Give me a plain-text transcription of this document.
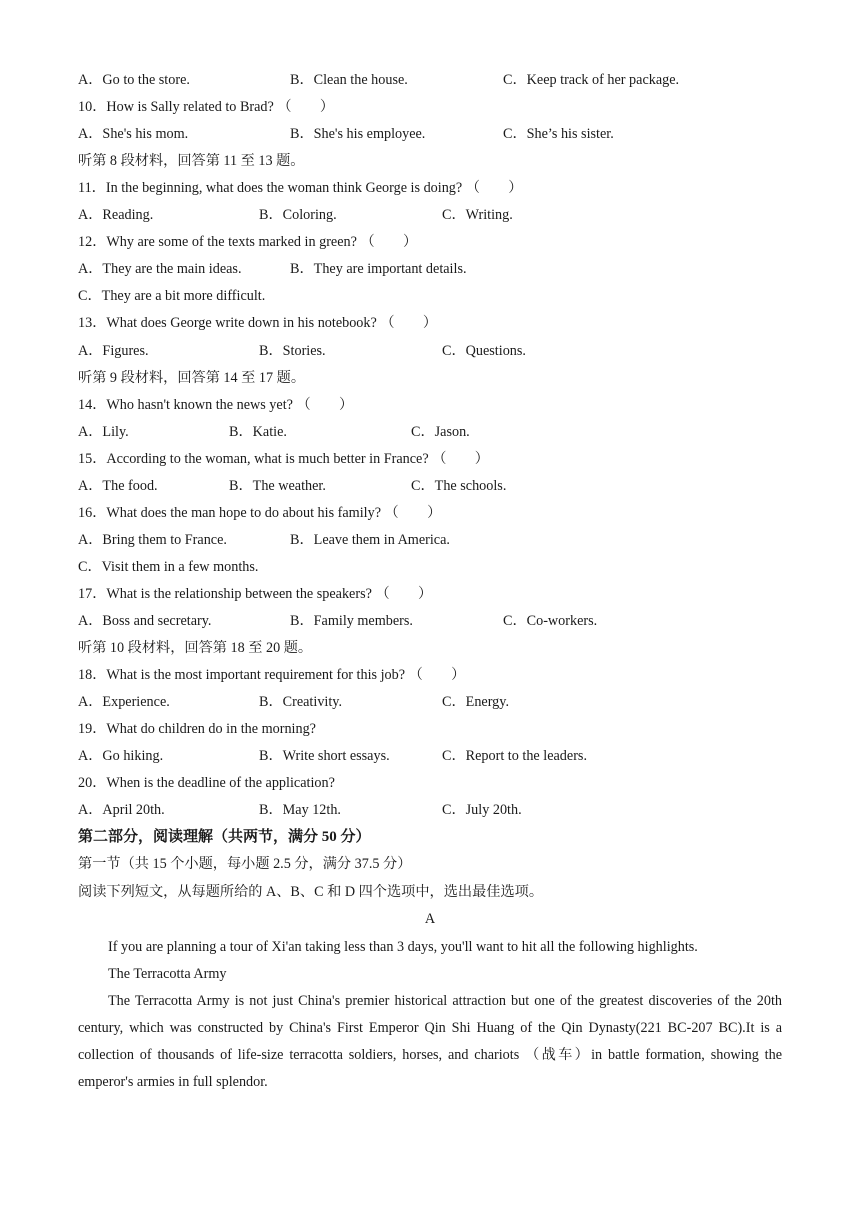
A．Go to the store.	B．Clean the house.	C．Keep track of her package.
10．How is Sally related to Brad? （　　）
A．She's his mom.	B．She's his employee.	C．She’s his sister.
听第 8 段材料，回答第 11 至 13 题。
11．In the beginning, what does the woman think George is doing? （　　）
A．Reading.	B．Coloring.	C．Writing.
12．Why are some of the texts marked in green? （　　）
A．They are the main ideas.	B．They are important details.
C．They are a bit more difficult.
13．What does George write down in his notebook? （　　）
A．Figures.	B．Stories.	C．Questions.
听第 9 段材料，回答第 14 至 17 题。
14．Who hasn't known the news yet? （　　）
A．Lily.	B．Katie.	C．Jason.
15．According to the woman, what is much better in France? （　　）
A．The food.	B．The weather.	C．The schools.
16．What does the man hope to do about his family? （　　）
A．Bring them to France.	B．Leave them in America.
C．Visit them in a few months.
17．What is the relationship between the speakers? （　　）
A．Boss and secretary.	B．Family members.	C．Co-workers.
听第 10 段材料，回答第 18 至 20 题。
18．What is the most important requirement for this job? （　　）
A．Experience.	B．Creativity.	C．Energy.
19．What do children do in the morning?
A．Go hiking.	B．Write short essays.	C．Report to the leaders.
20．When is the deadline of the application?
A．April 20th.	B．May 12th.	C．July 20th.
第二部分，阅读理解（共两节，满分 50 分）
第一节（共 15 个小题，每小题 2.5 分，满分 37.5 分）
阅读下列短文，从每题所给的 A、B、C 和 D 四个选项中，选出最佳选项。
A
If you are planning a tour of Xi'an taking less than 3 days, you'll want to hit all the following highlights.
The Terracotta Army
The Terracotta Army is not just China's premier historical attraction but one of the greatest discoveries of the 20th century, which was constructed by China's First Emperor Qin Shi Huang of the Qin Dynasty(221 BC-207 BC).It is a collection of thousands of life-size terracotta soldiers, horses, and chariots （战车）in battle formation, showing the emperor's armies in full splendor.
